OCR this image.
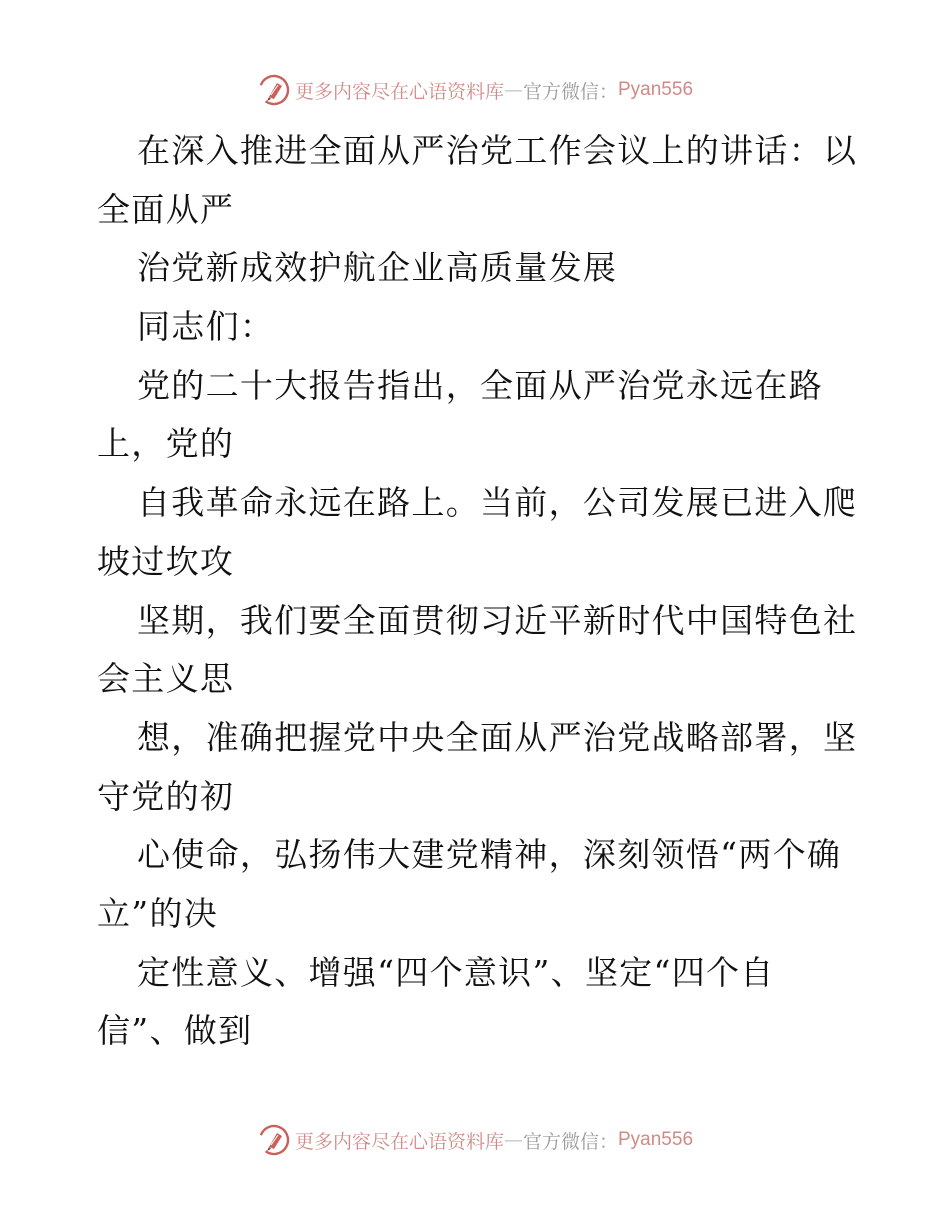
更多内容尽在心语资料库 — 官方微信： Pyan556

在深入推进全面从严治党工作会议上的讲话：以

全面从严

治党新成效护航企业高质量发展

同志们：

党的二十大报告指出，全面从严治党永远在路

上，党的

自我革命永远在路上。当前，公司发展已进入爬

坡过坎攻

坚期，我们要全面贯彻习近平新时代中国特色社

会主义思

想，准确把握党中央全面从严治党战略部署，坚

守党的初

心使命，弘扬伟大建党精神，深刻领悟“两个确

立”的决

定性意义、增强“四个意识”、坚定“四个自

信”、做到

更多内容尽在心语资料库 — 官方微信： Pyan556
